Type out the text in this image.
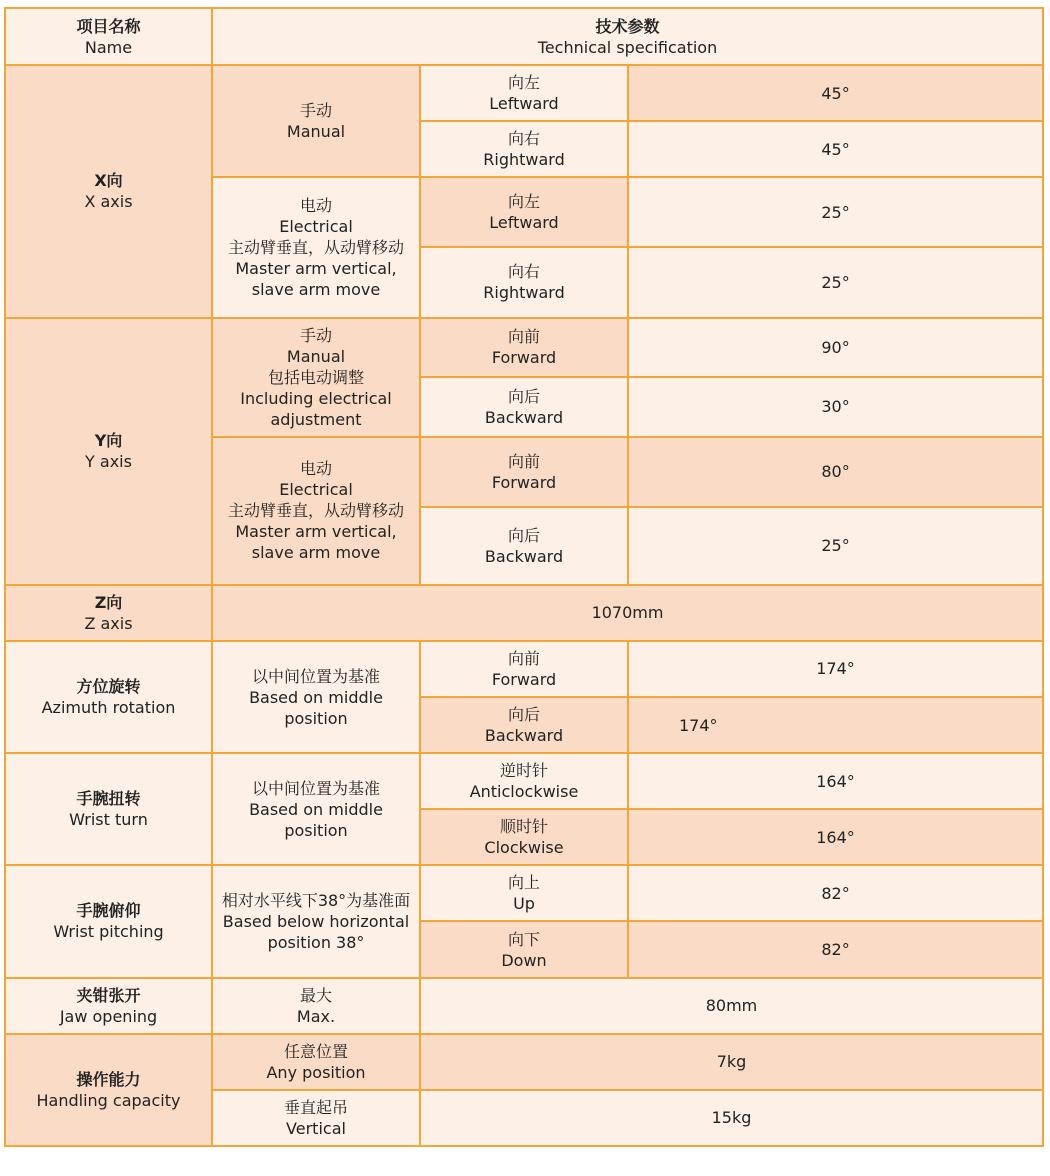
项目名称
Name	技术参数
Technical specification		

X向
X axis	手动
Manual	向左
Leftward	45°

		向右
Rightward	45°

	电动
Electrical
主动臂垂直，从动臂移动
Master arm vertical, slave arm move	向左
Leftward	25°

		向右
Rightward	25°

Y向
Y axis	手动
Manual
包括电动调整
Including electrical adjustment	向前
Forward	90°

		向后
Backward	30°

	电动
Electrical
主动臂垂直，从动臂移动
Master arm vertical, slave arm move	向前
Forward	80°

		向后
Backward	25°

Z向
Z axis	1070mm		

方位旋转
Azimuth rotation	以中间位置为基准
Based on middle position	向前
Forward	174°

		向后
Backward	174°

手腕扭转
Wrist turn	以中间位置为基准
Based on middle position	逆时针
Anticlockwise	164°

		顺时针
Clockwise	164°

手腕俯仰
Wrist pitching	相对水平线下38°为基准面
Based below horizontal position 38°	向上
Up	82°

		向下
Down	82°

夹钳张开
Jaw opening	最大
Max.	80mm	

操作能力
Handling capacity	任意位置
Any position	7kg	

	垂直起吊
Vertical	15kg	
